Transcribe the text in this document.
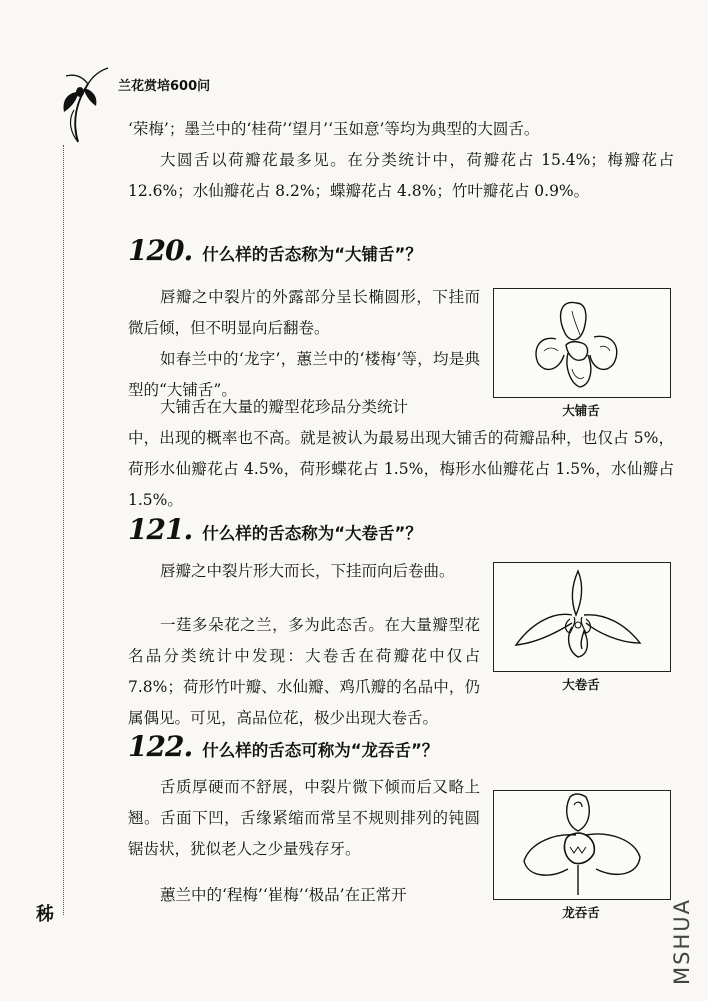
兰花赏培600问

‘荣梅’；墨兰中的‘桂荷’‘望月’‘玉如意’等均为典型的大圆舌。

大圆舌以荷瓣花最多见。在分类统计中，荷瓣花占 15.4%；梅瓣花占 12.6%；水仙瓣花占 8.2%；蝶瓣花占 4.8%；竹叶瓣花占 0.9%。

120. 什么样的舌态称为“大铺舌”？

唇瓣之中裂片的外露部分呈长椭圆形，下挂而微后倾，但不明显向后翻卷。

如春兰中的‘龙字’，蕙兰中的‘楼梅’等，均是典型的“大铺舌”。

大铺舌在大量的瓣型花珍品分类统计

中，出现的概率也不高。就是被认为最易出现大铺舌的荷瓣品种，也仅占 5%，荷形水仙瓣花占 4.5%，荷形蝶花占 1.5%，梅形水仙瓣花占 1.5%，水仙瓣占 1.5%。

大铺舌
121. 什么样的舌态称为“大卷舌”？

唇瓣之中裂片形大而长，下挂而向后卷曲。

一莛多朵花之兰，多为此态舌。在大量瓣型花名品分类统计中发现：大卷舌在荷瓣花中仅占 7.8%；荷形竹叶瓣、水仙瓣、鸡爪瓣的名品中，仍属偶见。可见，高品位花，极少出现大卷舌。
大卷舌
122. 什么样的舌态可称为“龙吞舌”？

舌质厚硬而不舒展，中裂片微下倾而后又略上翘。舌面下凹，舌缘紧缩而常呈不规则排列的钝圆锯齿状，犹似老人之少量残存牙。

蕙兰中的‘程梅’‘崔梅’‘极品’在正常开

龙吞舌
秭	MSHUA
